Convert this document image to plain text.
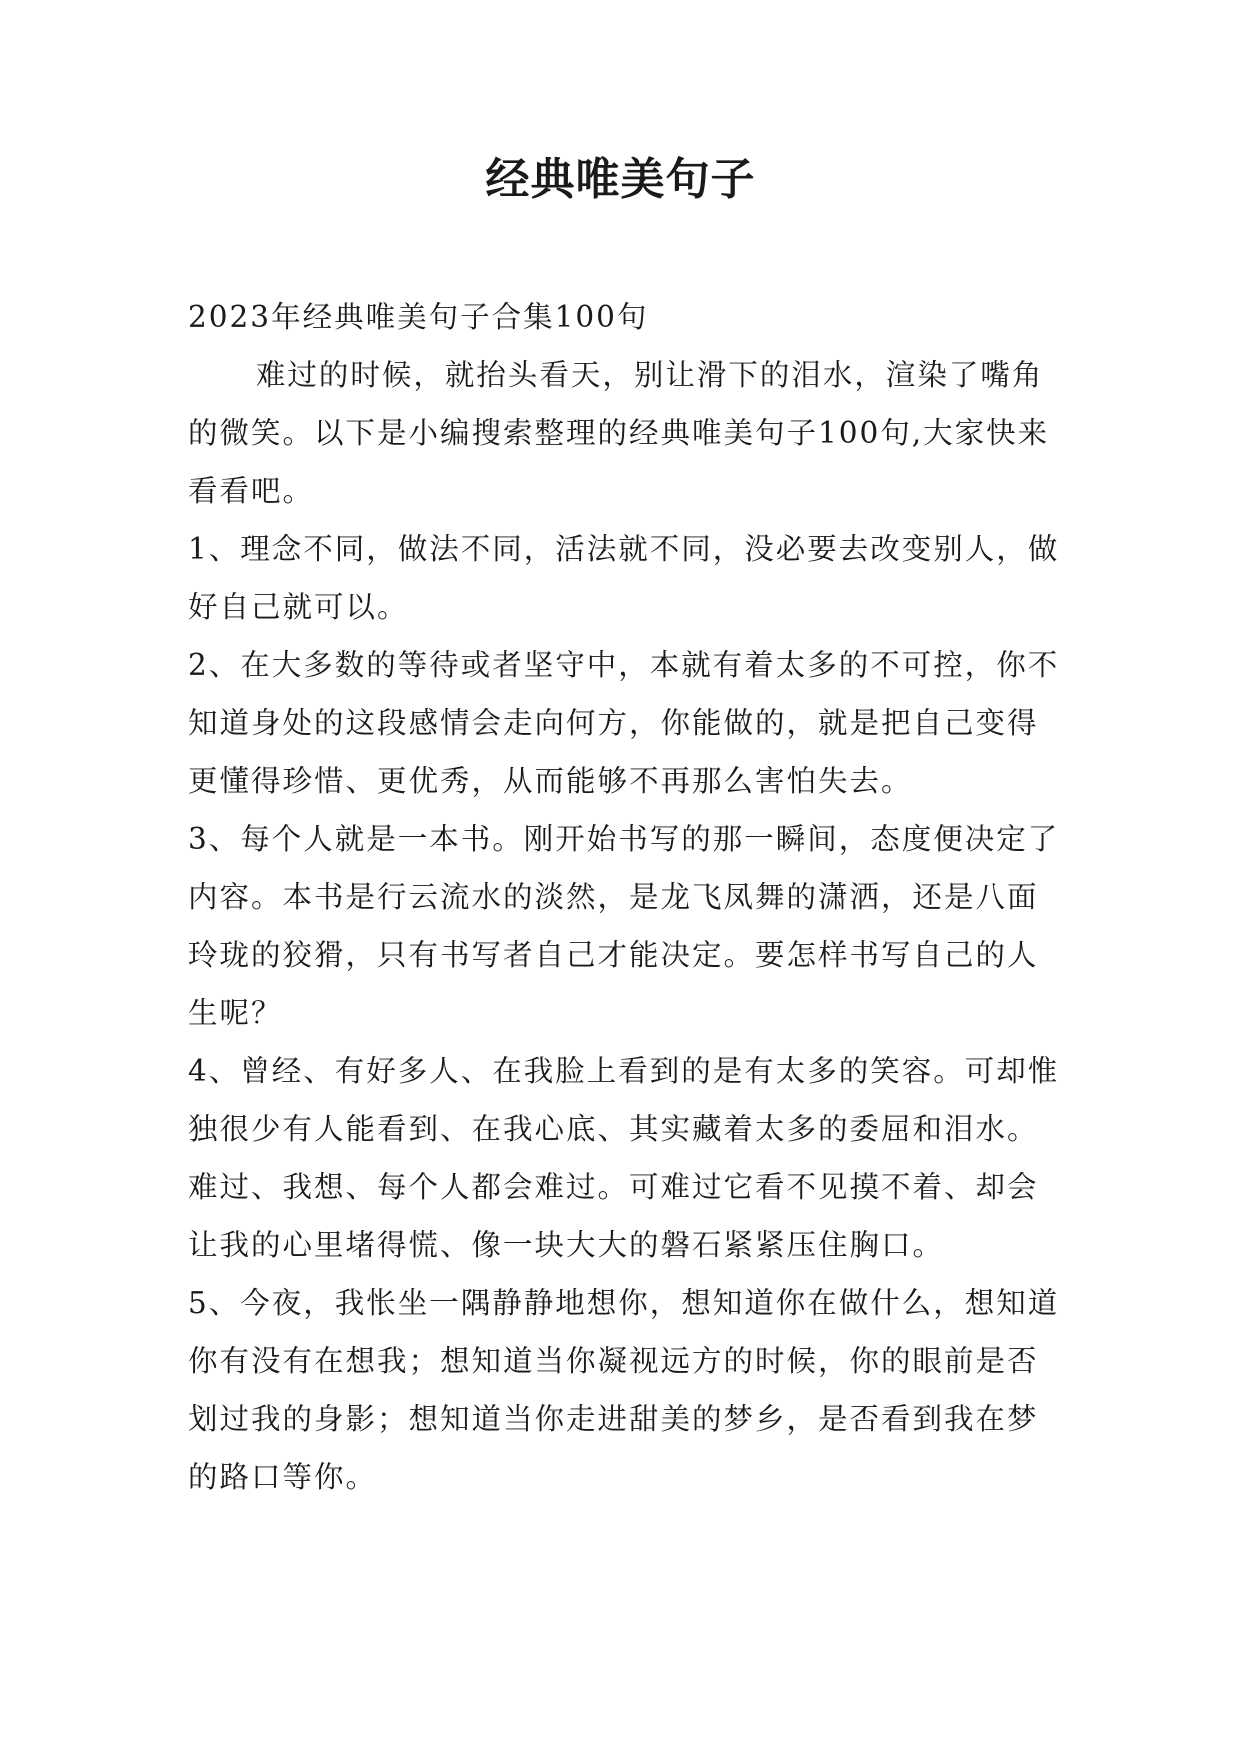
经典唯美句子

2023年经典唯美句子合集100句

难过的时候，就抬头看天，别让滑下的泪水，渲染了嘴角的微笑。以下是小编搜索整理的经典唯美句子100句,大家快来看看吧。

1、理念不同，做法不同，活法就不同，没必要去改变别人，做好自己就可以。

2、在大多数的等待或者坚守中，本就有着太多的不可控，你不知道身处的这段感情会走向何方，你能做的，就是把自己变得更懂得珍惜、更优秀，从而能够不再那么害怕失去。

3、每个人就是一本书。刚开始书写的那一瞬间，态度便决定了内容。本书是行云流水的淡然，是龙飞凤舞的潇洒，还是八面玲珑的狡猾，只有书写者自己才能决定。要怎样书写自己的人生呢？

4、曾经、有好多人、在我脸上看到的是有太多的笑容。可却惟独很少有人能看到、在我心底、其实藏着太多的委屈和泪水。难过、我想、每个人都会难过。可难过它看不见摸不着、却会让我的心里堵得慌、像一块大大的磐石紧紧压住胸口。

5、今夜，我怅坐一隅静静地想你，想知道你在做什么，想知道你有没有在想我；想知道当你凝视远方的时候，你的眼前是否划过我的身影；想知道当你走进甜美的梦乡，是否看到我在梦的路口等你。
